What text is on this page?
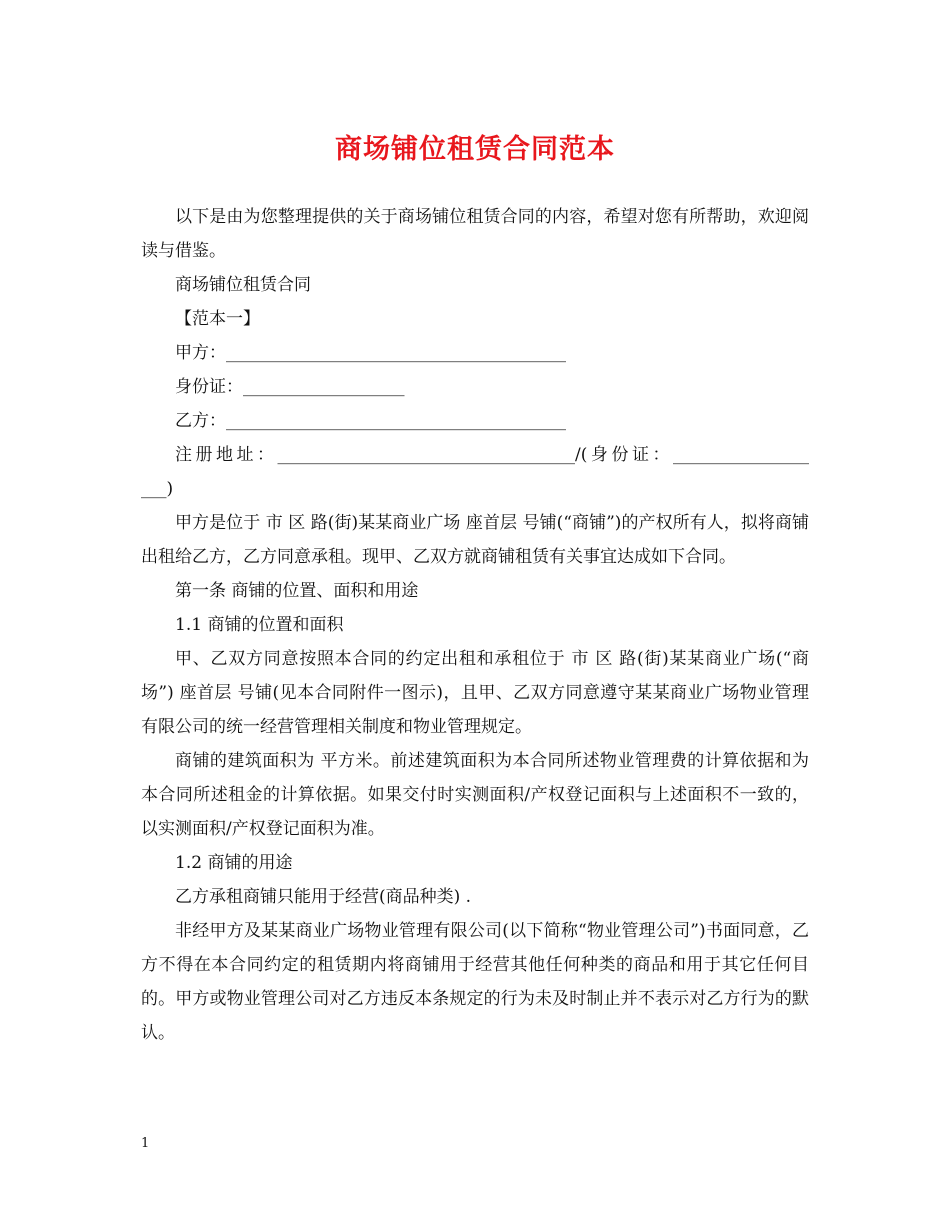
商场铺位租赁合同范本

以下是由为您整理提供的关于商场铺位租赁合同的内容，希望对您有所帮助，欢迎阅读与借鉴。

商场铺位租赁合同

【范本一】

甲方：________________________________________

身份证：___________________

乙方：________________________________________

注册地址：___________________________________/(身份证：________________ ___)

甲方是位于 市 区 路(街)某某商业广场 座首层 号铺(“商铺”)的产权所有人，拟将商铺出租给乙方，乙方同意承租。现甲、乙双方就商铺租赁有关事宜达成如下合同。

第一条 商铺的位置、面积和用途

1.1 商铺的位置和面积

甲、乙双方同意按照本合同的约定出租和承租位于 市 区 路(街)某某商业广场(“商场”) 座首层 号铺(见本合同附件一图示)，且甲、乙双方同意遵守某某商业广场物业管理有限公司的统一经营管理相关制度和物业管理规定。

商铺的建筑面积为 平方米。前述建筑面积为本合同所述物业管理费的计算依据和为本合同所述租金的计算依据。如果交付时实测面积/产权登记面积与上述面积不一致的，以实测面积/产权登记面积为准。

1.2 商铺的用途

乙方承租商铺只能用于经营(商品种类) .

非经甲方及某某商业广场物业管理有限公司(以下简称“物业管理公司”)书面同意，乙方不得在本合同约定的租赁期内将商铺用于经营其他任何种类的商品和用于其它任何目的。甲方或物业管理公司对乙方违反本条规定的行为未及时制止并不表示对乙方行为的默认。

1
